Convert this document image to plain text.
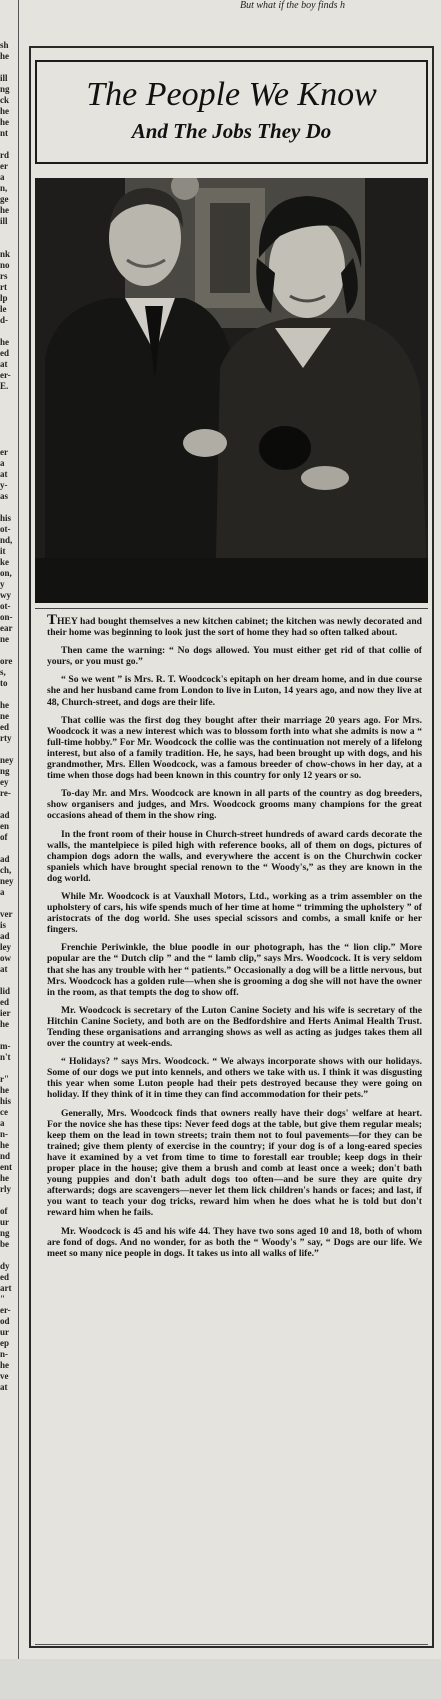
sh
he

ill
ng
ck
he
he
nt

rd
er
a
n,
ge
he
ill

nk
no
rs
rt
lp
le
d-

he
ed
at
er-
E.

er
a
at
y-
as

his
ot-
nd,
it
ke
on,
y
wy
ot-
on-
ear
ne

ore
s,
to

he
ne
ed
rty

ney
ng
ey
re-

ad
en
of

ad
ch,
ney
a

ver
is
ad
ley
ow
at

lid
ed
ier
he

m-
n't

r"
he
his
ce
a
n-
he
nd
ent
he
rly

of
ur
ng
be

dy
ed
art
"
er-
od
ur
ep
n-
he
ve
at
But what if the boy finds h
The People We Know
And The Jobs They Do

THEY had bought themselves a new kitchen cabinet; the kitchen was newly decorated and their home was beginning to look just the sort of home they had so often talked about.

Then came the warning: “ No dogs allowed. You must either get rid of that collie of yours, or you must go.”

“ So we went ” is Mrs. R. T. Woodcock's epitaph on her dream home, and in due course she and her husband came from London to live in Luton, 14 years ago, and now they live at 48, Church-street, and dogs are their life.

That collie was the first dog they bought after their marriage 20 years ago. For Mrs. Woodcock it was a new interest which was to blossom forth into what she admits is now a “ full-time hobby.” For Mr. Woodcock the collie was the continuation not merely of a lifelong interest, but also of a family tradition. He, he says, had been brought up with dogs, and his grandmother, Mrs. Ellen Woodcock, was a famous breeder of chow-chows in her day, at a time when those dogs had been known in this country for only 12 years or so.

To-day Mr. and Mrs. Woodcock are known in all parts of the country as dog breeders, show organisers and judges, and Mrs. Woodcock grooms many champions for the great occasions ahead of them in the show ring.

In the front room of their house in Church-street hundreds of award cards decorate the walls, the mantelpiece is piled high with reference books, all of them on dogs, pictures of champion dogs adorn the walls, and everywhere the accent is on the Churchwin cocker spaniels which have brought special renown to the “ Woody's,” as they are known in the dog world.

While Mr. Woodcock is at Vauxhall Motors, Ltd., working as a trim assembler on the upholstery of cars, his wife spends much of her time at home “ trimming the upholstery ” of aristocrats of the dog world. She uses special scissors and combs, a small knife or her fingers.

Frenchie Periwinkle, the blue poodle in our photograph, has the “ lion clip.” More popular are the “ Dutch clip ” and the “ lamb clip,” says Mrs. Woodcock. It is very seldom that she has any trouble with her “ patients.” Occasionally a dog will be a little nervous, but Mrs. Woodcock has a golden rule—when she is grooming a dog she will not have the owner in the room, as that tempts the dog to show off.

Mr. Woodcock is secretary of the Luton Canine Society and his wife is secretary of the Hitchin Canine Society, and both are on the Bedfordshire and Herts Animal Health Trust. Tending these organisations and arranging shows as well as acting as judges takes them all over the country at week-ends.

“ Holidays? ” says Mrs. Woodcock. “ We always incorporate shows with our holidays. Some of our dogs we put into kennels, and others we take with us. I think it was disgusting this year when some Luton people had their pets destroyed because they were going on holiday. If they think of it in time they can find accommodation for their pets.”

Generally, Mrs. Woodcock finds that owners really have their dogs' welfare at heart. For the novice she has these tips: Never feed dogs at the table, but give them regular meals; keep them on the lead in town streets; train them not to foul pavements—for they can be trained; give them plenty of exercise in the country; if your dog is of a long-eared species have it examined by a vet from time to time to forestall ear trouble; keep dogs in their proper place in the house; give them a brush and comb at least once a week; don't bath young puppies and don't bath adult dogs too often—and be sure they are quite dry afterwards; dogs are scavengers—never let them lick children's hands or faces; and last, if you want to teach your dog tricks, reward him when he does what he is told but don't reward him when he fails.

Mr. Woodcock is 45 and his wife 44. They have two sons aged 10 and 18, both of whom are fond of dogs. And no wonder, for as both the “ Woody's ” say, “ Dogs are our life. We meet so many nice people in dogs. It takes us into all walks of life.”
